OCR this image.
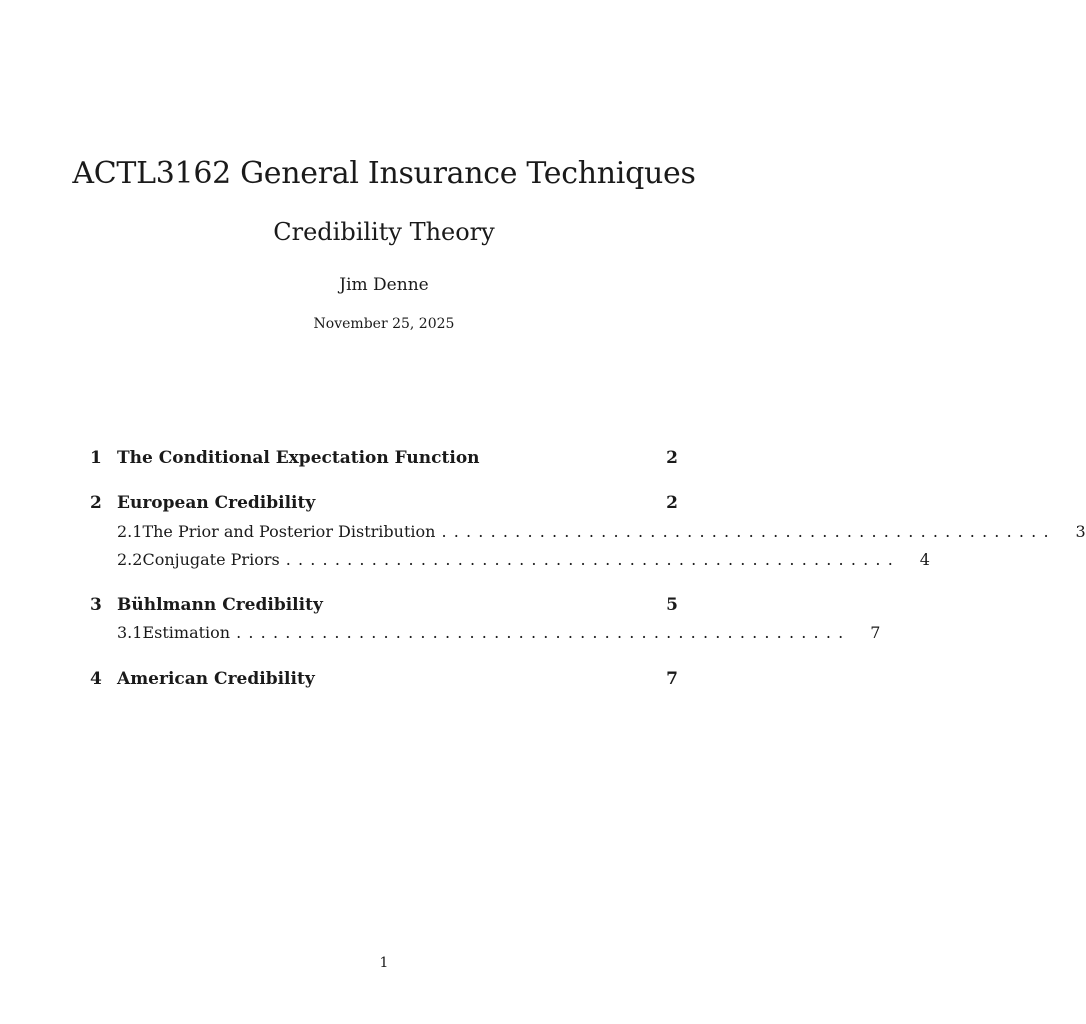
ACTL3162 General Insurance Techniques
Credibility Theory
Jim Denne
November 25, 2025
1 The Conditional Expectation Function	2
2 European Credibility	2
2.1 The Prior and Posterior Distribution .................................................. 3
2.2 Conjugate Priors .................................................. 4
3 Bühlmann Credibility	5
3.1 Estimation .................................................. 7
4 American Credibility	7
1
